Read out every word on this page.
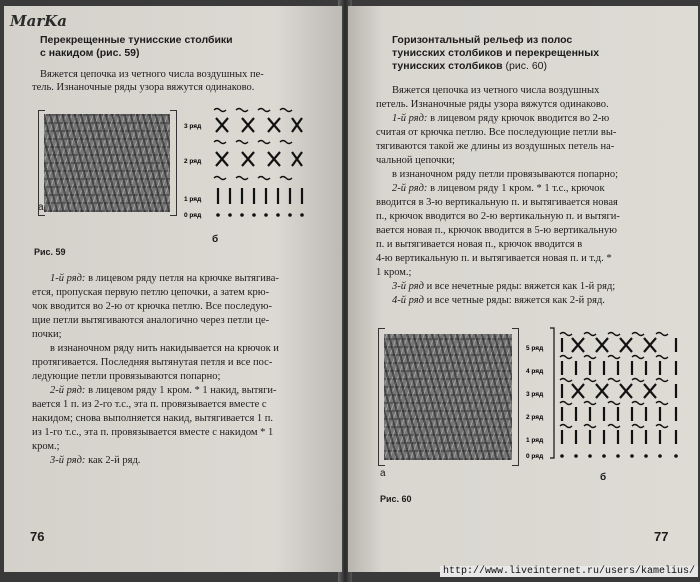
MarKa
Перекрещенные тунисские столбики
с накидом (рис. 59)
Вяжется цепочка из четного числа воздушных пе-
тель. Изнаночные ряды узора вяжутся одинаково.
а
б
3 ряд
2 ряд
1 ряд
0 ряд
Рис. 59
1-й ряд: в лицевом ряду петля на крючке вытягива-
ется, пропуская первую петлю цепочки, а затем крю-
чок вводится во 2-ю от крючка петлю. Все последую-
щие петли вытягиваются аналогично через петли це-
почки;
в изнаночном ряду нить накидывается на крючок и
протягивается. Последняя вытянутая петля и все пос-
ледующие петли провязываются попарно;
2-й ряд: в лицевом ряду 1 кром. * 1 накид, вытяги-
вается 1 п. из 2-го т.с., эта п. провязывается вместе с
накидом; снова выполняется накид, вытягивается 1 п.
из 1-го т.с., эта п. провязывается вместе с накидом * 1
кром.;
3-й ряд: как 2-й ряд.
76
Горизонтальный рельеф из полос
тунисских столбиков и перекрещенных
тунисских столбиков (рис. 60)
Вяжется цепочка из четного числа воздушных
петель. Изнаночные ряды узора вяжутся одинаково.
1-й ряд: в лицевом ряду крючок вводится во 2-ю
считая от крючка петлю. Все последующие петли вы-
тягиваются такой же длины из воздушных петель на-
чальной цепочки;
в изнаночном ряду петли провязываются попарно;
2-й ряд: в лицевом ряду 1 кром. * 1 т.с., крючок
вводится в 3-ю вертикальную п. и вытягивается новая
п., крючок вводится во 2-ю вертикальную п. и вытяги-
вается новая п., крючок вводится в 5-ю вертикальную
п. и вытягивается новая п., крючок вводится в
4-ю вертикальную п. и вытягивается новая п. и т.д. *
1 кром.;
3-й ряд и все нечетные ряды: вяжется как 1-й ряд;
4-й ряд и все четные ряды: вяжется как 2-й ряд.
а	б
Рис. 60
5 ряд
4 ряд
3 ряд
2 ряд
1 ряд
0 ряд
77
http://www.liveinternet.ru/users/kamelius/
